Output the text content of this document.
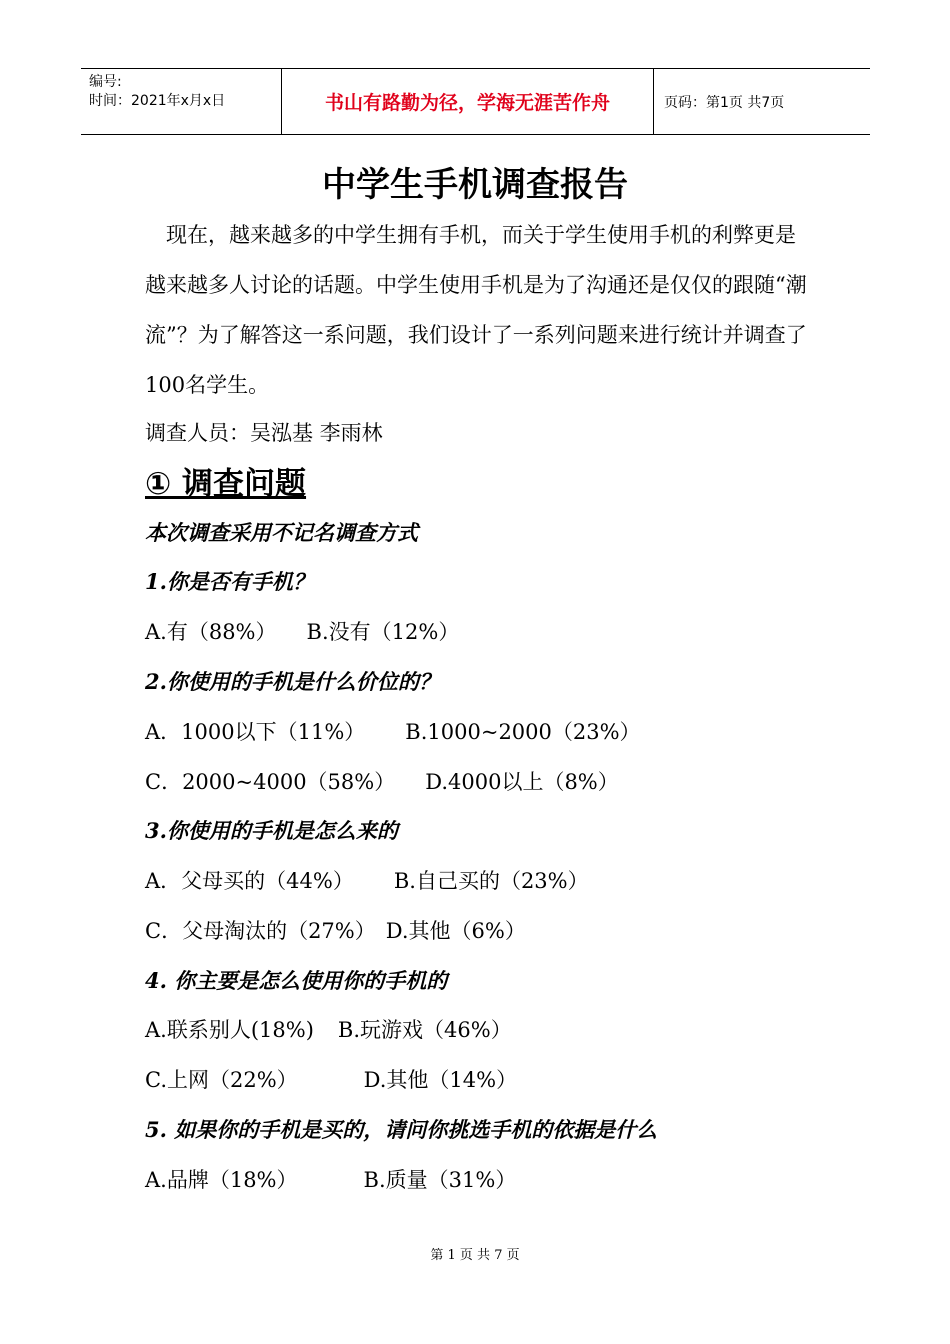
编号:
时间：2021年x月x日	书山有路勤为径，学海无涯苦作舟	页码：第1页 共7页
中学生手机调查报告

现在，越来越多的中学生拥有手机，而关于学生使用手机的利弊更是越来越多人讨论的话题。中学生使用手机是为了沟通还是仅仅的跟随“潮流”？为了解答这一系问题，我们设计了一系列问题来进行统计并调查了100名学生。

调查人员：吴泓基 李雨林
① 调查问题
本次调查采用不记名调查方式
1.你是否有手机？
A.有（88%） B.没有（12%）
2.你使用的手机是什么价位的？
A．1000以下（11%） B.1000~2000（23%）
C．2000~4000（58%） D.4000以上（8%）
3.你使用的手机是怎么来的
A．父母买的（44%） B.自己买的（23%）
C．父母淘汰的（27%） D.其他（6%）
4. 你主要是怎么使用你的手机的
A.联系别人(18%) B.玩游戏（46%）
C.上网（22%）	D.其他（14%）
5. 如果你的手机是买的，请问你挑选手机的依据是什么
A.品牌（18%）	B.质量（31%）
第 1 页 共 7 页
